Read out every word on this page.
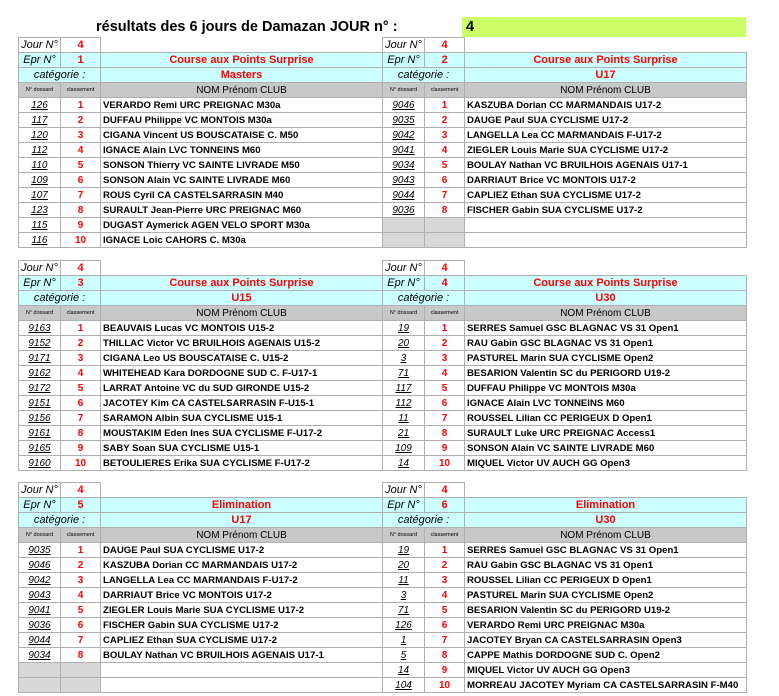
résultats des 6 jours de Damazan JOUR n° :	4
Jour N°	4	
Epr N°	1	Course aux Points Surprise
catégorie :		Masters
N° dossard	classement	NOM Prénom CLUB
126	1	VERARDO Remi URC PREIGNAC M30a
117	2	DUFFAU Philippe VC MONTOIS M30a
120	3	CIGANA Vincent US BOUSCATAISE C. M50
112	4	IGNACE Alain LVC TONNEINS M60
110	5	SONSON Thierry VC SAINTE LIVRADE M50
109	6	SONSON Alain VC SAINTE LIVRADE M60
107	7	ROUS Cyril CA CASTELSARRASIN M40
123	8	SURAULT Jean-Pierre URC PREIGNAC M60
115	9	DUGAST Aymerick AGEN VELO SPORT M30a
116	10	IGNACE Loic CAHORS C. M30a
Jour N°	4	
Epr N°	2	Course aux Points Surprise
catégorie :		U17
N° dossard	classement	NOM Prénom CLUB
9046	1	KASZUBA Dorian CC MARMANDAIS U17-2
9035	2	DAUGE Paul SUA CYCLISME U17-2
9042	3	LANGELLA Lea CC MARMANDAIS F-U17-2
9041	4	ZIEGLER Louis Marie SUA CYCLISME U17-2
9034	5	BOULAY Nathan VC BRUILHOIS AGENAIS U17-1
9043	6	DARRIAUT Brice VC MONTOIS U17-2
9044	7	CAPLIEZ Ethan SUA CYCLISME U17-2
9036	8	FISCHER Gabin SUA CYCLISME U17-2

Jour N°	4	
Epr N°	3	Course aux Points Surprise
catégorie :		U15
N° dossard	classement	NOM Prénom CLUB
9163	1	BEAUVAIS Lucas VC MONTOIS U15-2
9152	2	THILLAC Victor VC BRUILHOIS AGENAIS U15-2
9171	3	CIGANA Leo US BOUSCATAISE C. U15-2
9162	4	WHITEHEAD Kara DORDOGNE SUD C. F-U17-1
9172	5	LARRAT Antoine VC du SUD GIRONDE U15-2
9151	6	JACOTEY Kim CA CASTELSARRASIN F-U15-1
9156	7	SARAMON Albin SUA CYCLISME U15-1
9161	8	MOUSTAKIM Eden Ines SUA CYCLISME F-U17-2
9165	9	SABY Soan SUA CYCLISME U15-1
9160	10	BETOULIERES Erika SUA CYCLISME F-U17-2
Jour N°	4	
Epr N°	4	Course aux Points Surprise
catégorie :		U30
N° dossard	classement	NOM Prénom CLUB
19	1	SERRES Samuel GSC BLAGNAC VS 31 Open1
20	2	RAU Gabin GSC BLAGNAC VS 31 Open1
3	3	PASTUREL Marin SUA CYCLISME Open2
71	4	BESARION Valentin SC du PERIGORD U19-2
117	5	DUFFAU Philippe VC MONTOIS M30a
112	6	IGNACE Alain LVC TONNEINS M60
11	7	ROUSSEL Lilian CC PERIGEUX D Open1
21	8	SURAULT Luke URC PREIGNAC Access1
109	9	SONSON Alain VC SAINTE LIVRADE M60
14	10	MIQUEL Victor UV AUCH GG Open3
Jour N°	4	
Epr N°	5	Elimination
catégorie :		U17
N° dossard	classement	NOM Prénom CLUB
9035	1	DAUGE Paul SUA CYCLISME U17-2
9046	2	KASZUBA Dorian CC MARMANDAIS U17-2
9042	3	LANGELLA Lea CC MARMANDAIS F-U17-2
9043	4	DARRIAUT Brice VC MONTOIS U17-2
9041	5	ZIEGLER Louis Marie SUA CYCLISME U17-2
9036	6	FISCHER Gabin SUA CYCLISME U17-2
9044	7	CAPLIEZ Ethan SUA CYCLISME U17-2
9034	8	BOULAY Nathan VC BRUILHOIS AGENAIS U17-1

Jour N°	4	
Epr N°	6	Elimination
catégorie :		U30
N° dossard	classement	NOM Prénom CLUB
19	1	SERRES Samuel GSC BLAGNAC VS 31 Open1
20	2	RAU Gabin GSC BLAGNAC VS 31 Open1
11	3	ROUSSEL Lilian CC PERIGEUX D Open1
3	4	PASTUREL Marin SUA CYCLISME Open2
71	5	BESARION Valentin SC du PERIGORD U19-2
126	6	VERARDO Remi URC PREIGNAC M30a
1	7	JACOTEY Bryan CA CASTELSARRASIN Open3
5	8	CAPPE Mathis DORDOGNE SUD C. Open2
14	9	MIQUEL Victor UV AUCH GG Open3
104	10	MORREAU JACOTEY Myriam CA CASTELSARRASIN F-M40
